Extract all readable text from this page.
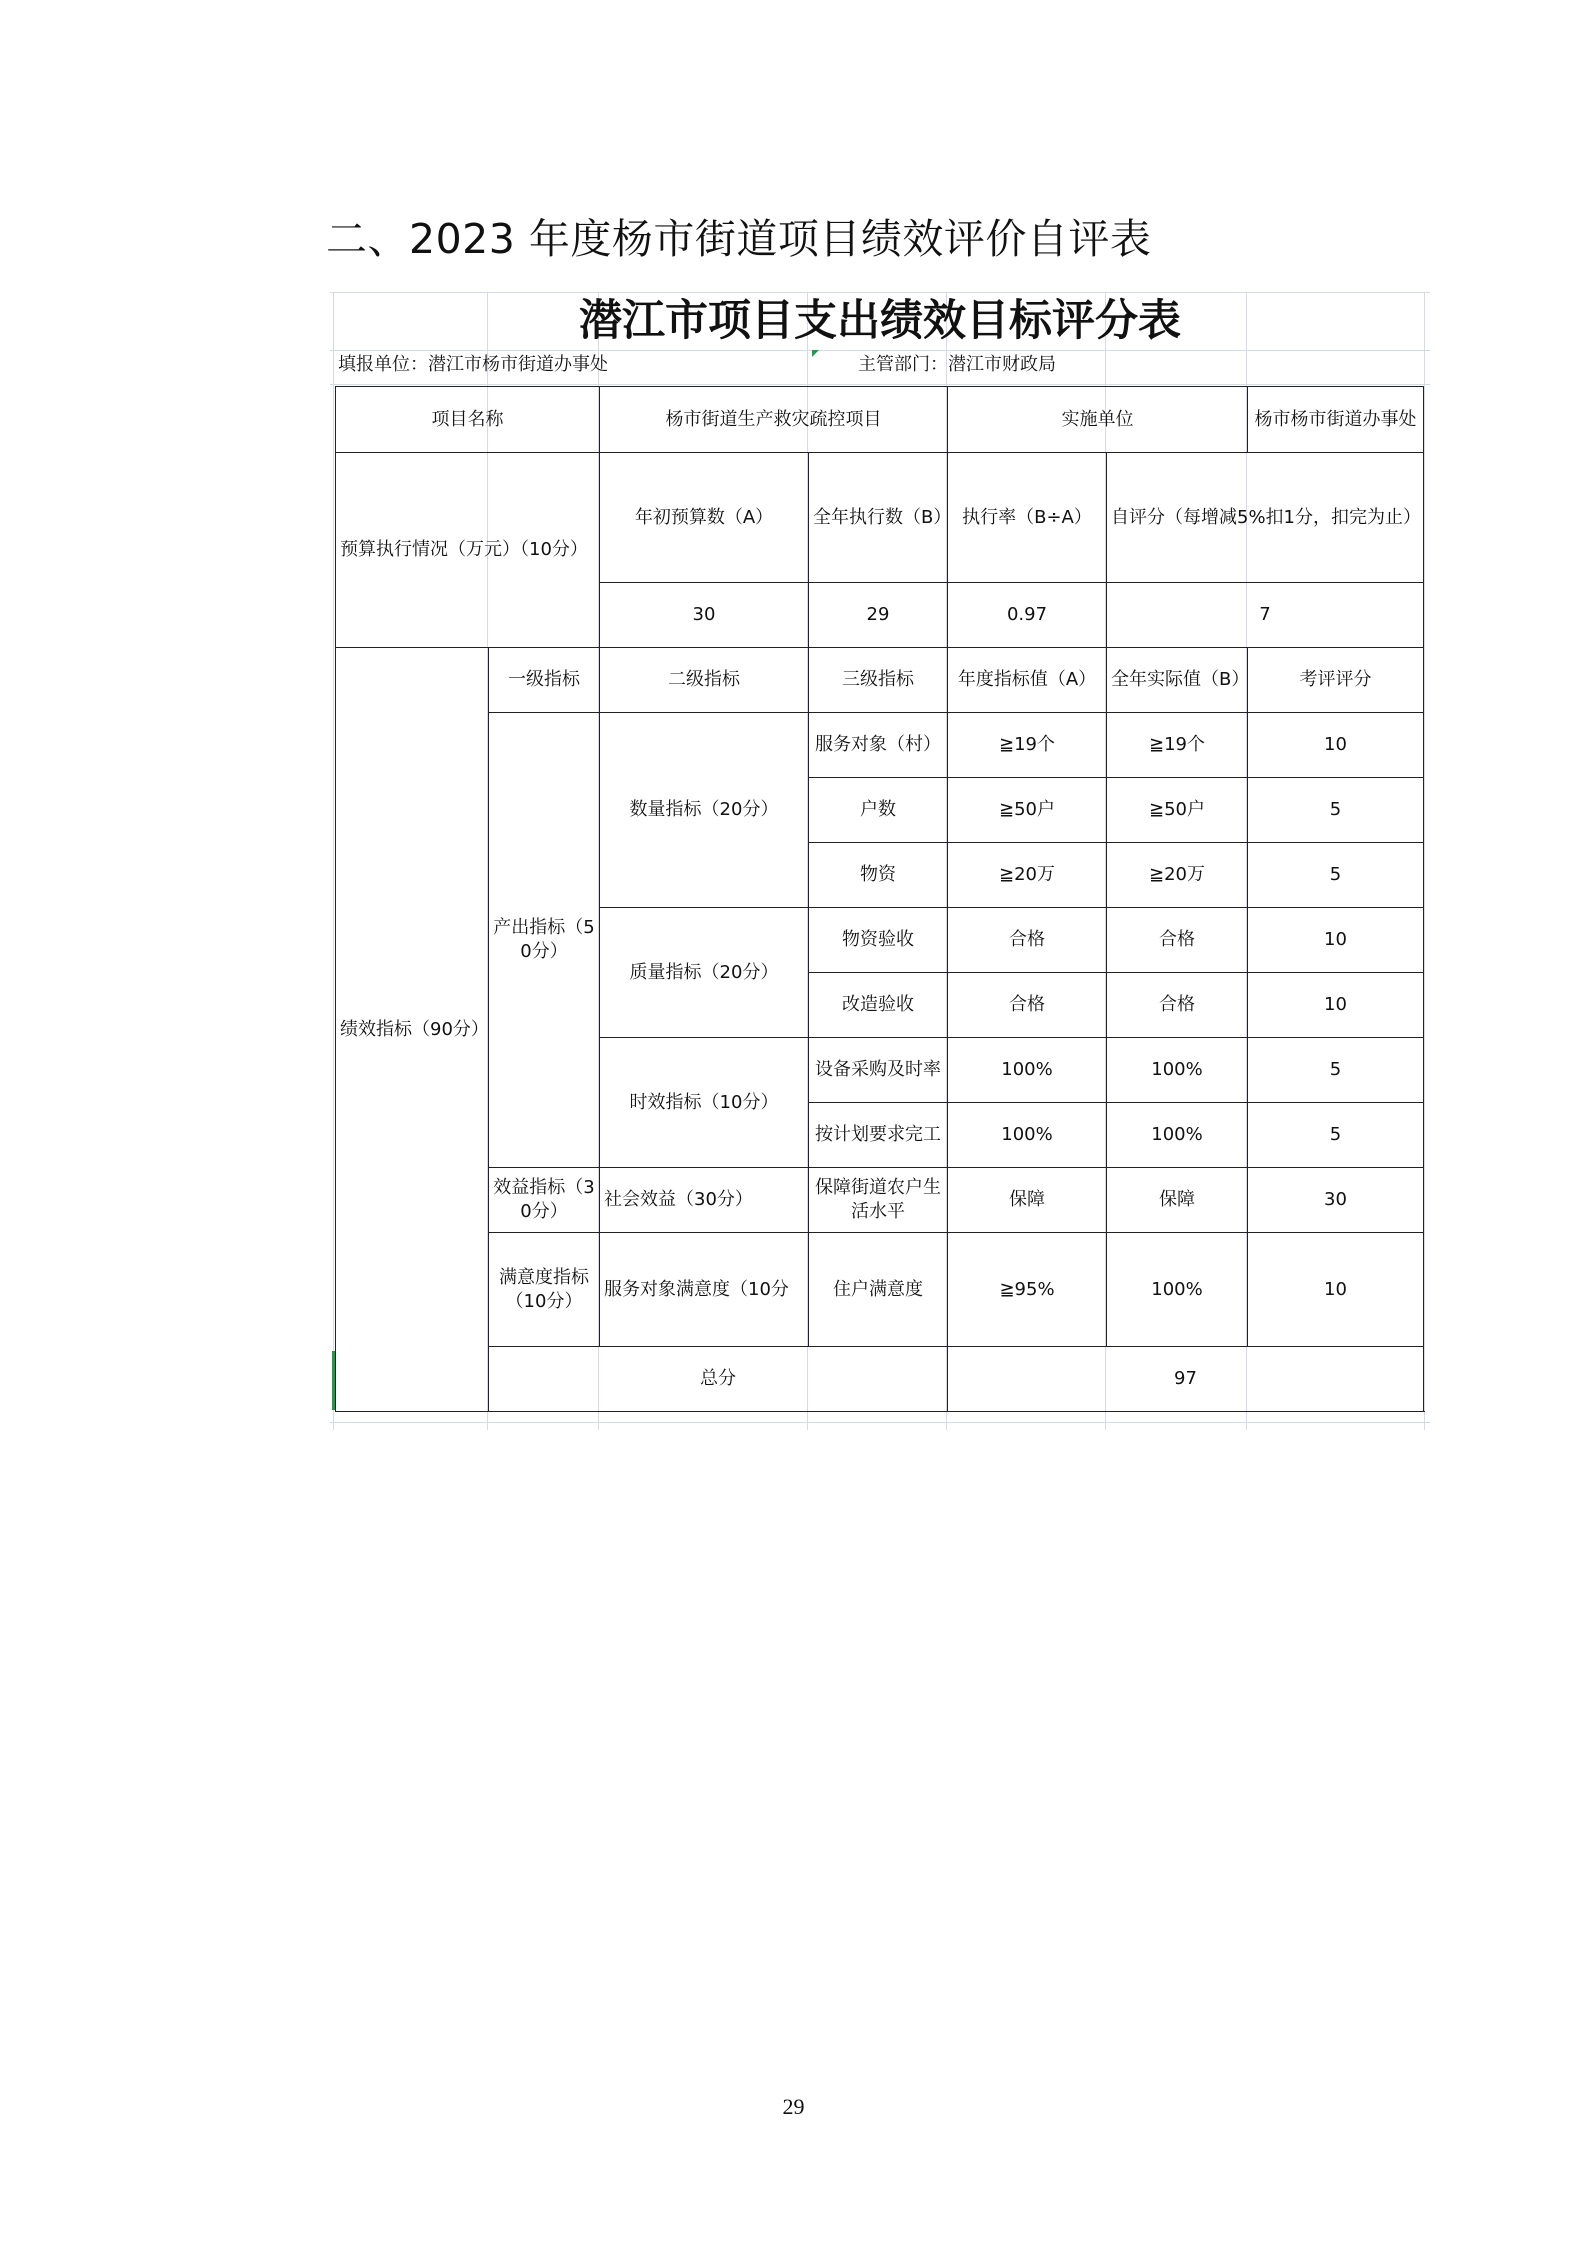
二、2023 年度杨市街道项目绩效评价自评表
潜江市项目支出绩效目标评分表
填报单位：潜江市杨市街道办事处	主管部门：潜江市财政局
项目名称		杨市街道生产救灾疏控项目		实施单位		杨市杨市街道办事处
预算执行情况（万元）（10分）		年初预算数（A）	全年执行数（B）	执行率（B÷A）	自评分（每增减5%扣1分，扣完为止）	
		30	29	0.97	7	
绩效指标（90分）	一级指标	二级指标	三级指标	年度指标值（A）	全年实际值（B）	考评评分
	产出指标（50分）	数量指标（20分）	服务对象（村）	≧19个	≧19个	10
			户数	≧50户	≧50户	5
			物资	≧20万	≧20万	5
		质量指标（20分）	物资验收	合格	合格	10
			改造验收	合格	合格	10
		时效指标（10分）	设备采购及时率	100%	100%	5
			按计划要求完工	100%	100%	5
	效益指标（30分）	社会效益（30分）	保障街道农户生活水平	保障	保障	30
	满意度指标（10分）	服务对象满意度（10分	住户满意度	≧95%	100%	10
	总分			97		
29
